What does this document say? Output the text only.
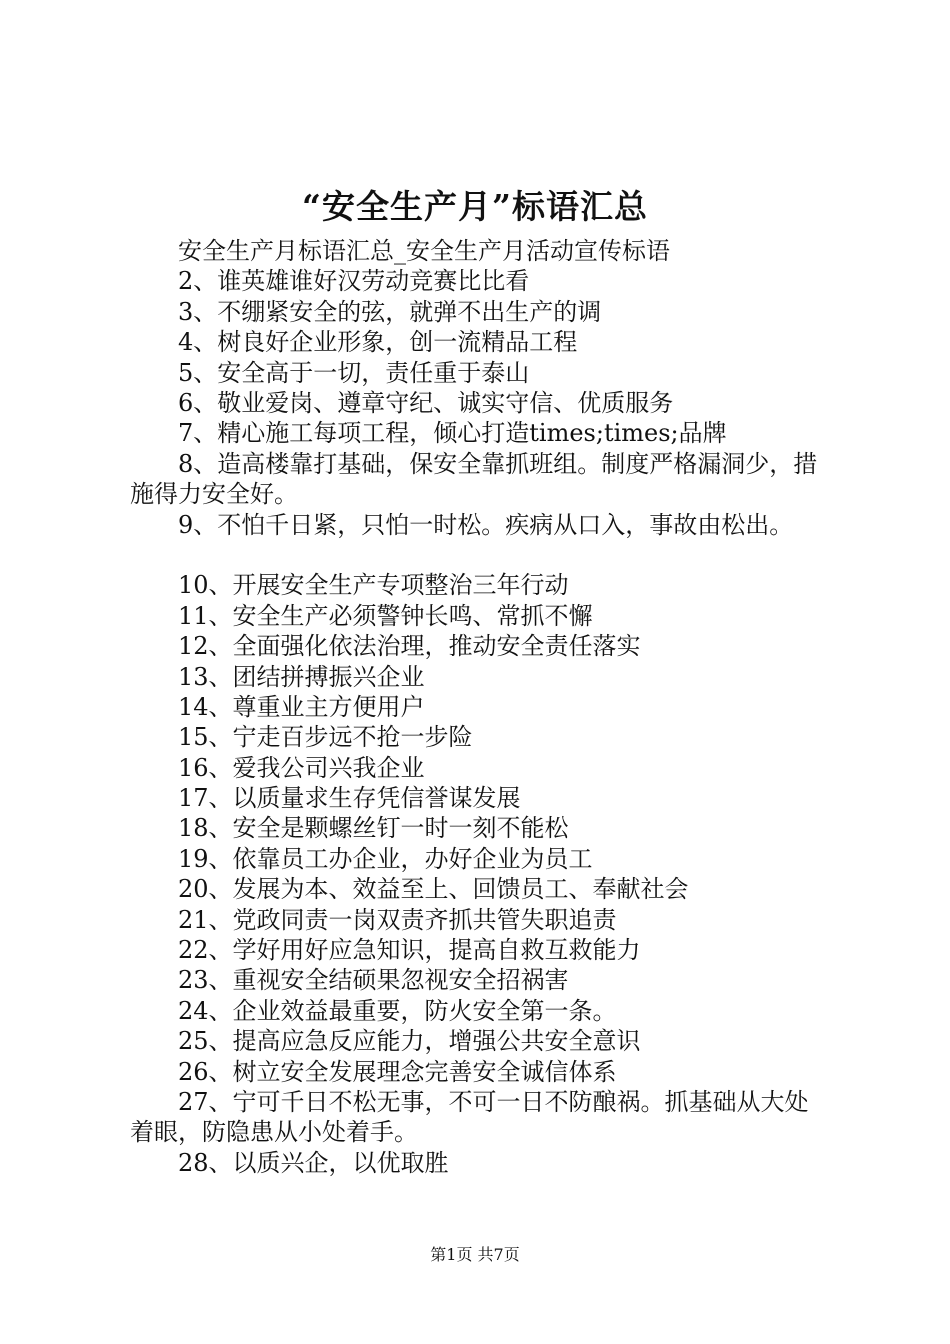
“安全生产月”标语汇总
安全生产月标语汇总_安全生产月活动宣传标语
2、谁英雄谁好汉劳动竞赛比比看
3、不绷紧安全的弦，就弹不出生产的调
4、树良好企业形象，创一流精品工程
5、安全高于一切，责任重于泰山
6、敬业爱岗、遵章守纪、诚实守信、优质服务
7、精心施工每项工程，倾心打造times;times;品牌
8、造高楼靠打基础，保安全靠抓班组。制度严格漏洞少，措施得力安全好。
9、不怕千日紧，只怕一时松。疾病从口入，事故由松出。
10、开展安全生产专项整治三年行动
11、安全生产必须警钟长鸣、常抓不懈
12、全面强化依法治理，推动安全责任落实
13、团结拼搏振兴企业
14、尊重业主方便用户
15、宁走百步远不抢一步险
16、爱我公司兴我企业
17、以质量求生存凭信誉谋发展
18、安全是颗螺丝钉一时一刻不能松
19、依靠员工办企业，办好企业为员工
20、发展为本、效益至上、回馈员工、奉献社会
21、党政同责一岗双责齐抓共管失职追责
22、学好用好应急知识，提高自救互救能力
23、重视安全结硕果忽视安全招祸害
24、企业效益最重要，防火安全第一条。
25、提高应急反应能力，增强公共安全意识
26、树立安全发展理念完善安全诚信体系
27、宁可千日不松无事，不可一日不防酿祸。抓基础从大处着眼，防隐患从小处着手。
28、以质兴企，以优取胜
第1页 共7页
